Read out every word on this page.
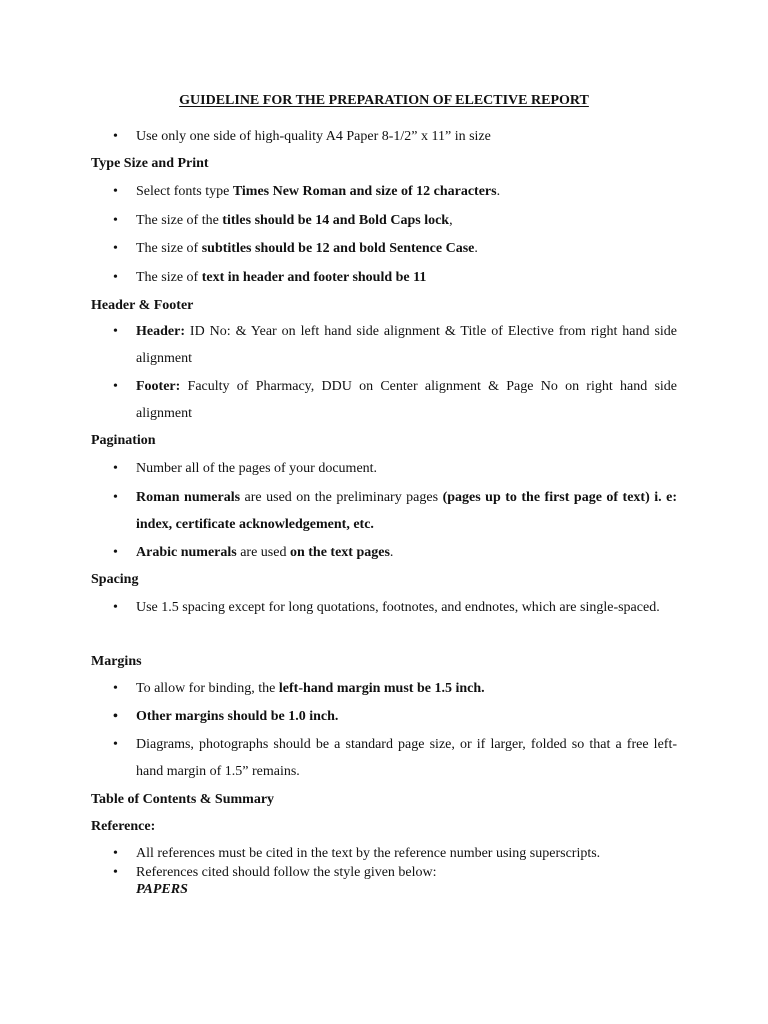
GUIDELINE FOR THE PREPARATION OF ELECTIVE REPORT
• Use only one side of high-quality A4 Paper 8-1/2” x 11” in size
Type Size and Print
• Select fonts type Times New Roman and size of 12 characters.
• The size of the titles should be 14 and Bold Caps lock,
• The size of subtitles should be 12 and bold Sentence Case.
• The size of text in header and footer should be 11
Header & Footer
• Header: ID No: & Year on left hand side alignment & Title of Elective from right hand side alignment
• Footer: Faculty of Pharmacy, DDU on Center alignment & Page No on right hand side alignment
Pagination
• Number all of the pages of your document.
• Roman numerals are used on the preliminary pages (pages up to the first page of text) i. e: index, certificate acknowledgement, etc.
• Arabic numerals are used on the text pages.
Spacing
• Use 1.5 spacing except for long quotations, footnotes, and endnotes, which are single-spaced.
Margins
• To allow for binding, the left-hand margin must be 1.5 inch.
• Other margins should be 1.0 inch.
• Diagrams, photographs should be a standard page size, or if larger, folded so that a free left-hand margin of 1.5” remains.
Table of Contents & Summary
Reference:
• All references must be cited in the text by the reference number using superscripts.
• References cited should follow the style given below:
PAPERS
